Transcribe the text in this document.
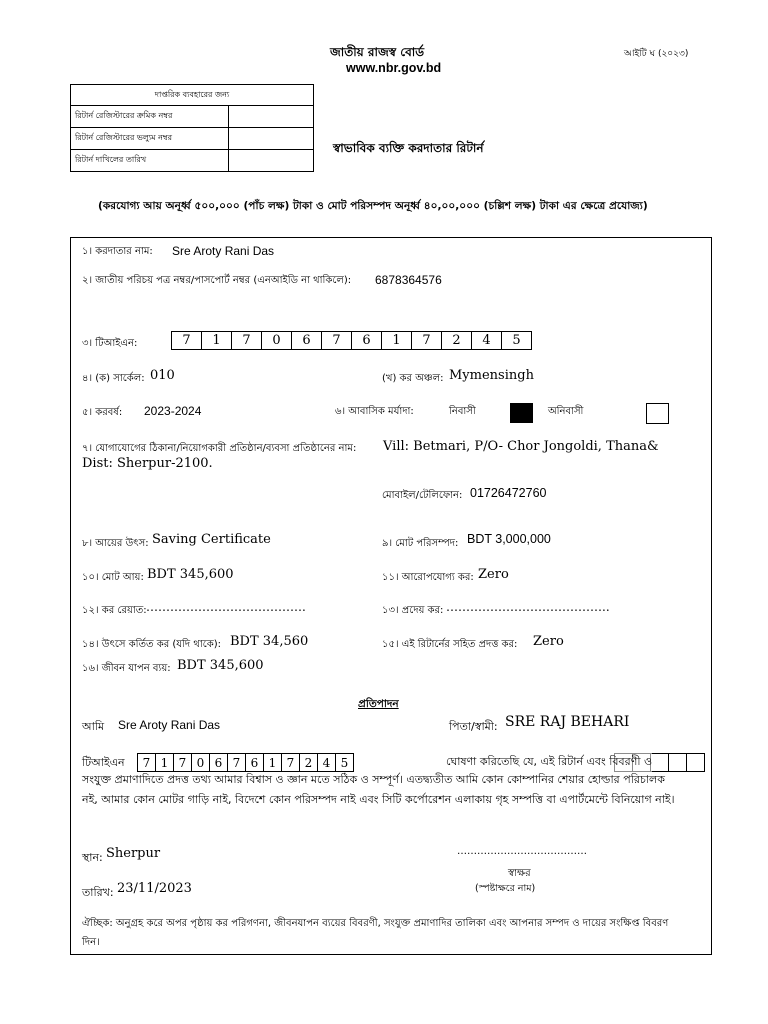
জাতীয় রাজস্ব বোর্ড
www.nbr.gov.bd
আইটি ঘ (২০২৩)
দাপ্তরিক ব্যবহারের জন্য	
রিটার্ন রেজিস্টারের ক্রমিক নম্বর	
রিটার্ন রেজিস্টারের ভল্যুম নম্বর	
রিটার্ন দাখিলের তারিখ	
স্বাভাবিক ব্যক্তি করদাতার রিটার্ন
(করযোগ্য আয় অনূর্ধ্ব ৫০০,০০০ (পাঁচ লক্ষ) টাকা ও মোট পরিসম্পদ অনূর্ধ্ব ৪০,০০,০০০ (চল্লিশ লক্ষ) টাকা এর ক্ষেত্রে প্রযোজ্য)
১। করদাতার নাম: Sre Aroty Rani Das
২। জাতীয় পরিচয় পত্র নম্বর/পাসপোর্ট নম্বর (এনআইডি না থাকিলে): 6878364576
৩। টিআইএন:	7	1	7	0	6	7	6	1	7	2	4	5
৪। (ক) সার্কেল: 010	(খ) কর অঞ্চল: Mymensingh
৫। করবর্ষ: 2023-2024	৬। আবাসিক মর্যাদা:	নিবাসী	অনিবাসী
৭। যোগাযোগের ঠিকানা/নিয়োগকারী প্রতিষ্ঠান/ব্যবসা প্রতিষ্ঠানের নাম: Vill: Betmari, P/O- Chor Jongoldi, Thana&
Dist: Sherpur-2100.
মোবাইল/টেলিফোন: 01726472760
৮। আয়ের উৎস: Saving Certificate	৯। মোট পরিসম্পদ: BDT 3,000,000
১০। মোট আয়: BDT 345,600	১১। আরোপযোগ্য কর: Zero
১২। কর রেয়াত: ………………………………….	১৩। প্রদেয় কর: …………………………………..
১৪। উৎসে কর্তিত কর (যদি থাকে): BDT 34,560	১৫। এই রিটার্নের সহিত প্রদত্ত কর: Zero
১৬। জীবন যাপন ব্যয়: BDT 345,600
প্রতিপাদন
আমি Sre Aroty Rani Das	পিতা/স্বামী: SRE RAJ BEHARI
টিআইএন	7 1 7 0 6 7 6 1 7 2 4 5	ঘোষণা করিতেছি যে, এই রিটার্ন এবং বিবরণী ও
সংযুক্ত প্রমাণাদিতে প্রদত্ত তথ্য আমার বিশ্বাস ও জ্ঞান মতে সঠিক ও সম্পূর্ণ। এতদ্ব্যতীত আমি কোন কোম্পানির শেয়ার হোল্ডার পরিচালক নই, আমার কোন মোটর গাড়ি নাই, বিদেশে কোন পরিসম্পদ নাই এবং সিটি কর্পোরেশন এলাকায় গৃহ সম্পত্তি বা এপার্টমেন্টে বিনিয়োগ নাই।
স্থান: Sherpur	…………………………………
স্বাক্ষর
(স্পষ্টাক্ষরে নাম)
তারিখ: 23/11/2023
ঐচ্ছিক: অনুগ্রহ করে অপর পৃষ্ঠায় কর পরিগণনা, জীবনযাপন ব্যয়ের বিবরণী, সংযুক্ত প্রমাণাদির তালিকা এবং আপনার সম্পদ ও দায়ের সংক্ষিপ্ত বিবরণ দিন।
